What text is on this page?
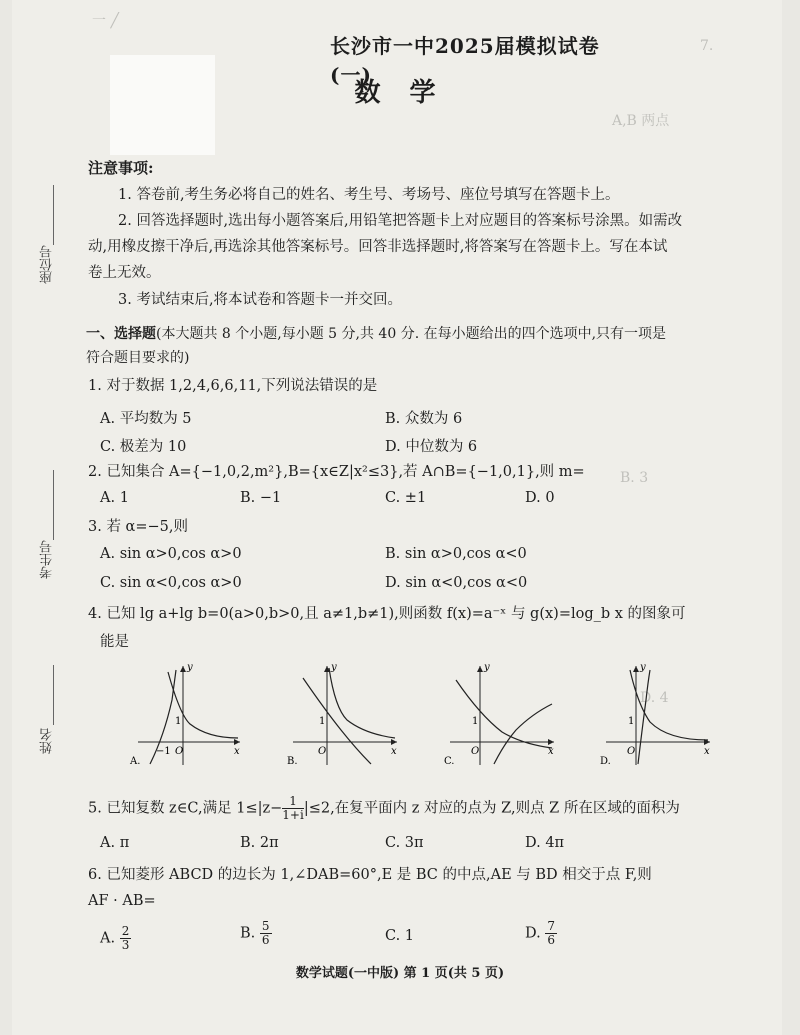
一 ╱
7.
A,B 两点
B. 3
D. 4
长沙市一中2025届模拟试卷(一)
数 学
座位号
考生号
姓名
注意事项:
1. 答卷前,考生务必将自己的姓名、考生号、考场号、座位号填写在答题卡上。
2. 回答选择题时,选出每小题答案后,用铅笔把答题卡上对应题目的答案标号涂黑。如需改
动,用橡皮擦干净后,再选涂其他答案标号。回答非选择题时,将答案写在答题卡上。写在本试
卷上无效。
3. 考试结束后,将本试卷和答题卡一并交回。
一、选择题(本大题共 8 个小题,每小题 5 分,共 40 分. 在每小题给出的四个选项中,只有一项是
符合题目要求的)
1. 对于数据 1,2,4,6,6,11,下列说法错误的是
A. 平均数为 5	B. 众数为 6
C. 极差为 10	D. 中位数为 6
2. 已知集合 A={−1,0,2,m²},B={x∈Z|x²≤3},若 A∩B={−1,0,1},则 m=
A. 1	B. −1	C. ±1	D. 0
3. 若 α=−5,则
A. sin α>0,cos α>0	B. sin α>0,cos α<0
C. sin α<0,cos α>0	D. sin α<0,cos α<0
4. 已知 lg a+lg b=0(a>0,b>0,且 a≠1,b≠1),则函数 f(x)=a⁻ˣ 与 g(x)=log_b x 的图象可
能是
x
y
−1 O
1
A.
x
y
O
1
B.
x
y
O
1
C.
x
y
O
1
D.
5. 已知复数 z∈C,满足 $1\le|z- \frac{1}{1+i} |\le 2$,在复平面内 z 对应的点为 Z,则点 Z 所在区域的面积为
A. π	B. 2π	C. 3π	D. 4π
6. 已知菱形 ABCD 的边长为 1,∠DAB=60°,E 是 BC 的中点,AE 与 BD 相交于点 F,则
AF · AB=
A. $\frac{2}{3}$	B. $\frac{5}{6}$	C. 1	D. $\frac{7}{6}$
数学试题(一中版) 第 1 页(共 5 页)
